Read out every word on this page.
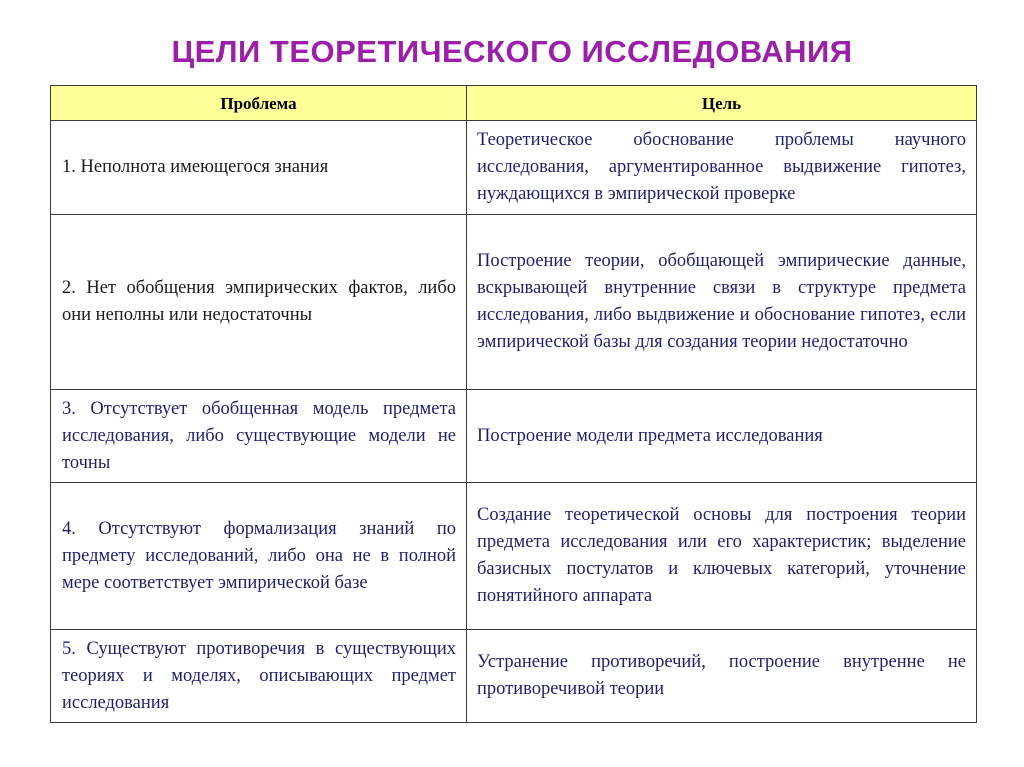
ЦЕЛИ ТЕОРЕТИЧЕСКОГО ИССЛЕДОВАНИЯ
Проблема	Цель
1. Неполнота имеющегося знания	Теоретическое обоснование проблемы научного исследования, аргументированное выдвижение гипотез, нуждающихся в эмпирической проверке
2. Нет обобщения эмпирических фактов, либо они неполны или недостаточны	Построение теории, обобщающей эмпирические данные, вскрывающей внутренние связи в структуре предмета исследования, либо выдвижение и обоснование гипотез, если эмпирической базы для создания теории недостаточно
3. Отсутствует обобщенная модель предмета исследования, либо существующие модели не точны	Построение модели предмета исследования
4. Отсутствуют формализация знаний по предмету исследований, либо она не в полной мере соответствует эмпирической базе	Создание теоретической основы для построения теории предмета исследования или его характеристик; выделение базисных постулатов и ключевых категорий, уточнение понятийного аппарата
5. Существуют противоречия в существующих теориях и моделях, описывающих предмет исследования	Устранение противоречий, построение внутренне не противоречивой теории
